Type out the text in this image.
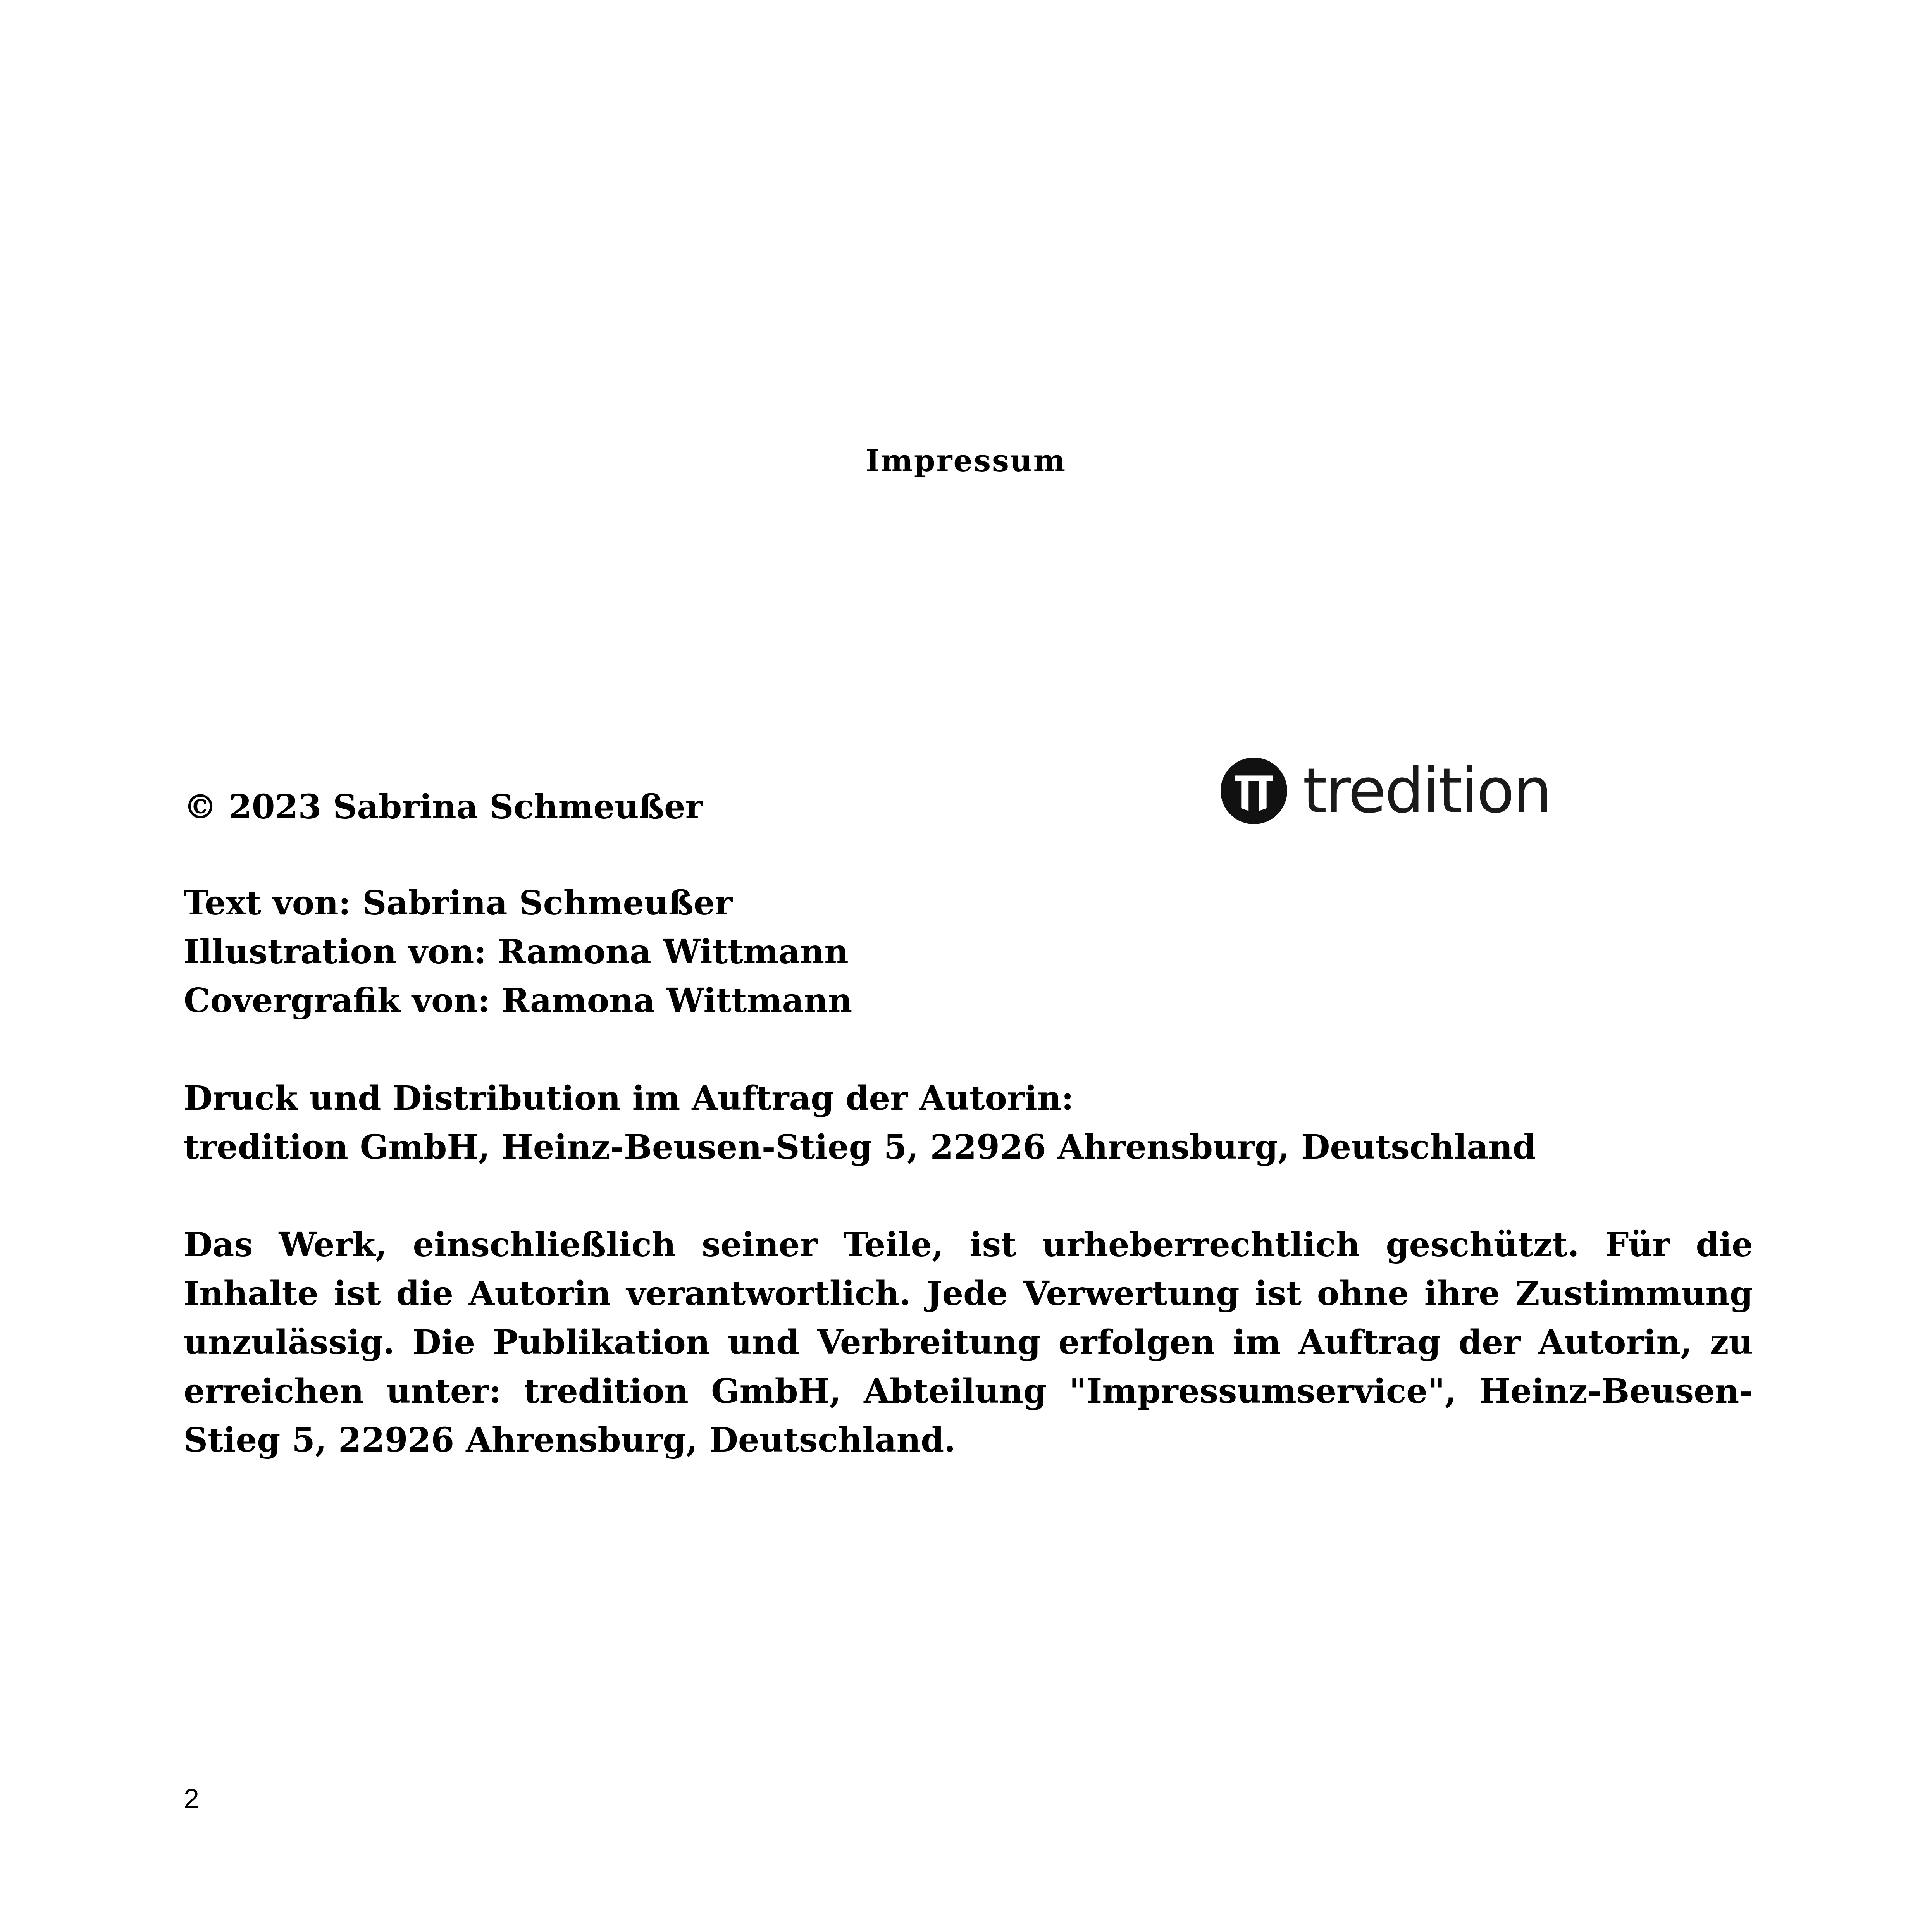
Impressum
© 2023 Sabrina Schmeußer	tredition
Text von: Sabrina Schmeußer
Illustration von: Ramona Wittmann
Covergrafik von: Ramona Wittmann
Druck und Distribution im Auftrag der Autorin:
tredition GmbH, Heinz-Beusen-Stieg 5, 22926 Ahrensburg, Deutschland
Das Werk, einschließlich seiner Teile, ist urheberrechtlich geschützt. Für die Inhalte ist die Autorin verantwortlich. Jede Verwertung ist ohne ihre Zustimmung unzulässig. Die Publikation und Verbreitung erfolgen im Auftrag der Autorin, zu erreichen unter: tredition GmbH, Abteilung "Impressumservice", Heinz-Beusen-Stieg 5, 22926 Ahrensburg, Deutschland.
2
